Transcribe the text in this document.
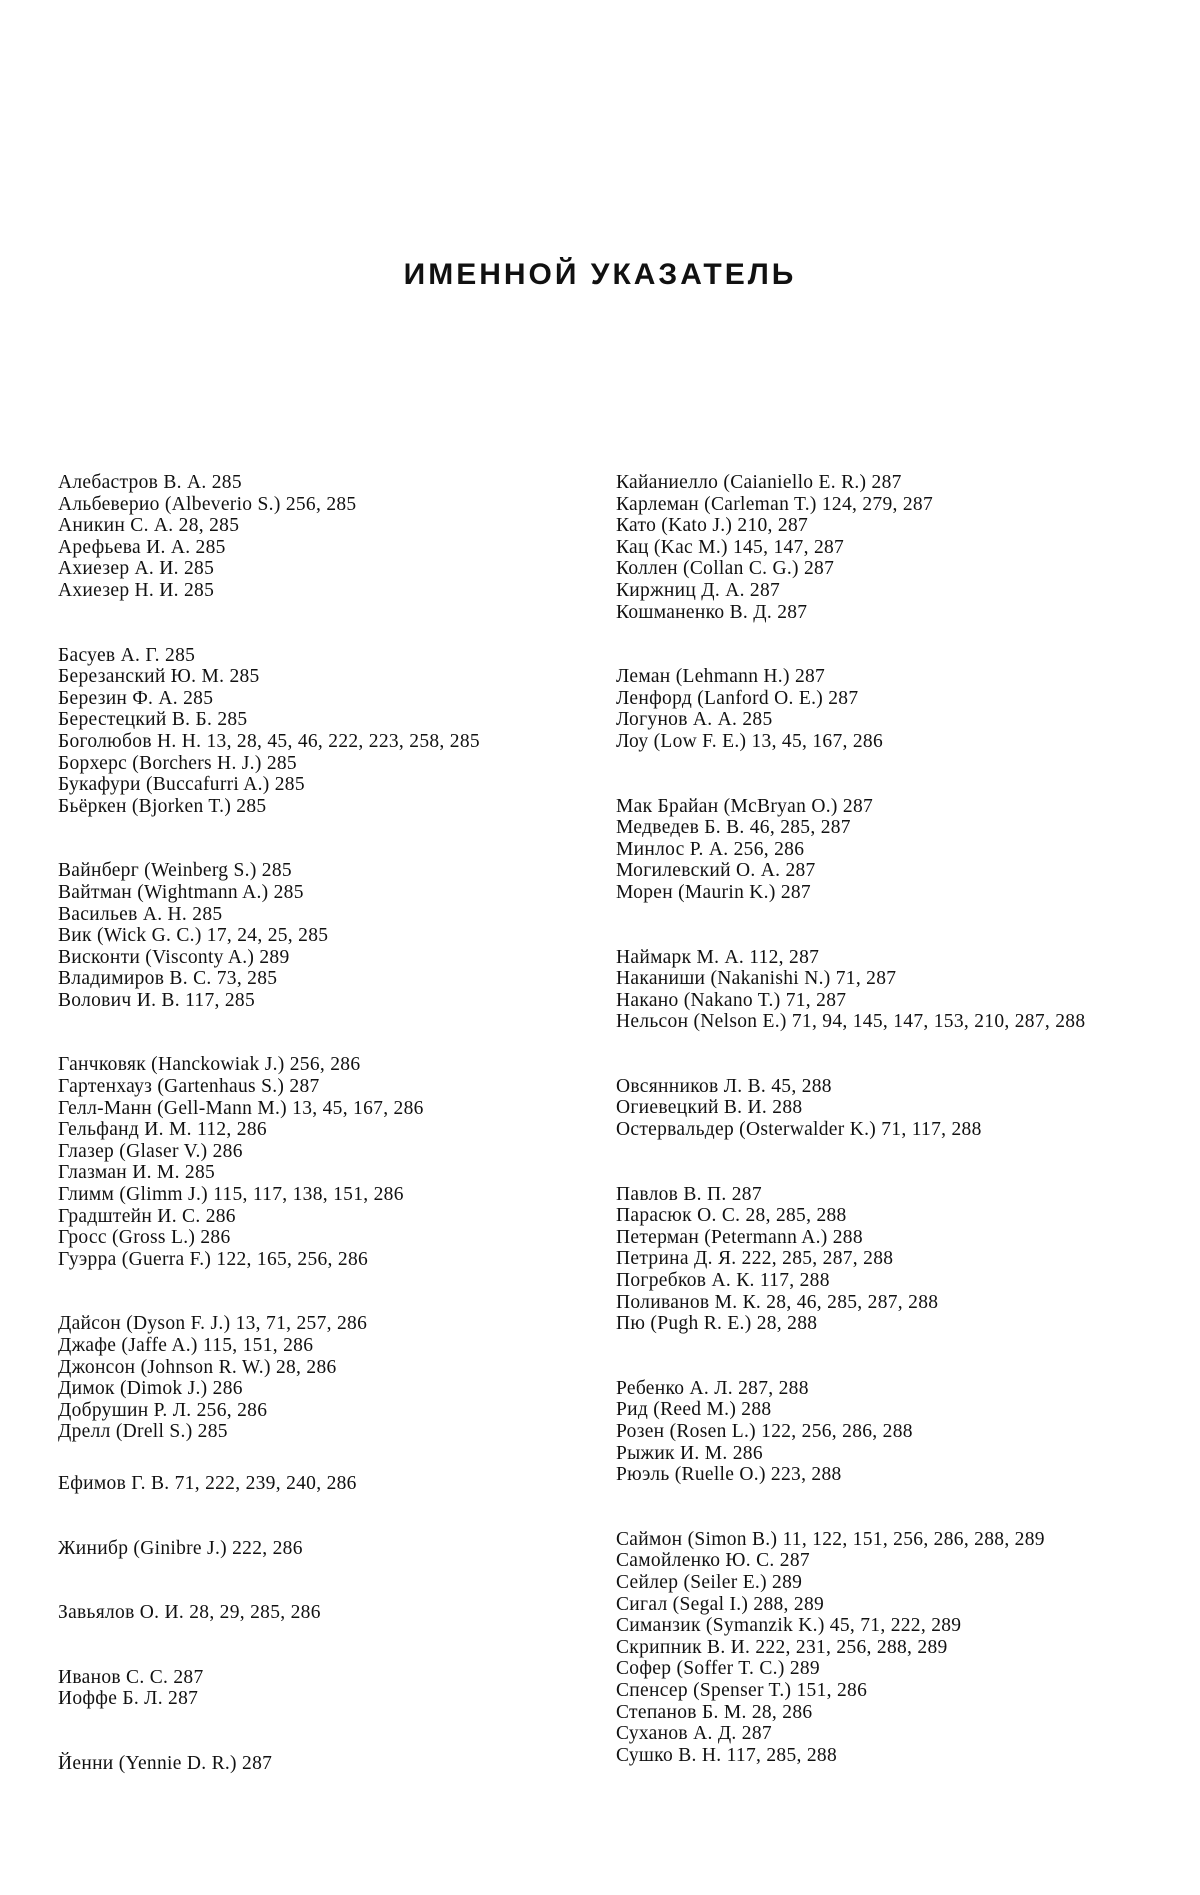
ИМЕННОЙ УКАЗАТЕЛЬ
Алебастров В. А. 285
Альбеверио (Albeverio S.) 256, 285
Аникин С. А. 28, 285
Арефьева И. А. 285
Ахиезер А. И. 285
Ахиезер Н. И. 285
Басуев А. Г. 285
Березанский Ю. М. 285
Березин Ф. А. 285
Берестецкий В. Б. 285
Боголюбов Н. Н. 13, 28, 45, 46, 222, 223, 258, 285
Борхерс (Borchers H. J.) 285
Букафури (Buccafurri A.) 285
Бьёркен (Bjorken T.) 285
Вайнберг (Weinberg S.) 285
Вайтман (Wightmann A.) 285
Васильев А. Н. 285
Вик (Wick G. C.) 17, 24, 25, 285
Висконти (Visconty A.) 289
Владимиров В. С. 73, 285
Волович И. В. 117, 285
Ганчковяк (Hanckowiak J.) 256, 286
Гартенхауз (Gartenhaus S.) 287
Гелл-Манн (Gell-Mann M.) 13, 45, 167, 286
Гельфанд И. М. 112, 286
Глазер (Glaser V.) 286
Глазман И. М. 285
Глимм (Glimm J.) 115, 117, 138, 151, 286
Градштейн И. С. 286
Гросс (Gross L.) 286
Гуэрра (Guerra F.) 122, 165, 256, 286
Дайсон (Dyson F. J.) 13, 71, 257, 286
Джафе (Jaffe A.) 115, 151, 286
Джонсон (Johnson R. W.) 28, 286
Димок (Dimok J.) 286
Добрушин Р. Л. 256, 286
Дрелл (Drell S.) 285
Ефимов Г. В. 71, 222, 239, 240, 286
Жинибр (Ginibre J.) 222, 286
Завьялов О. И. 28, 29, 285, 286
Иванов С. С. 287
Иоффе Б. Л. 287
Йенни (Yennie D. R.) 287
Кайаниелло (Caianiello E. R.) 287
Карлеман (Carleman T.) 124, 279, 287
Като (Kato J.) 210, 287
Кац (Kac M.) 145, 147, 287
Коллен (Collan C. G.) 287
Киржниц Д. А. 287
Кошманенко В. Д. 287
Леман (Lehmann H.) 287
Ленфорд (Lanford O. E.) 287
Логунов А. А. 285
Лоу (Low F. E.) 13, 45, 167, 286
Мак Брайан (McBryan O.) 287
Медведев Б. В. 46, 285, 287
Минлос Р. А. 256, 286
Могилевский О. А. 287
Морен (Maurin K.) 287
Наймарк М. А. 112, 287
Наканиши (Nakanishi N.) 71, 287
Накано (Nakano T.) 71, 287
Нельсон (Nelson E.) 71, 94, 145, 147, 153, 210, 287, 288
Овсянников Л. В. 45, 288
Огиевецкий В. И. 288
Остервальдер (Osterwalder K.) 71, 117, 288
Павлов В. П. 287
Парасюк О. С. 28, 285, 288
Петерман (Petermann A.) 288
Петрина Д. Я. 222, 285, 287, 288
Погребков А. К. 117, 288
Поливанов М. К. 28, 46, 285, 287, 288
Пю (Pugh R. E.) 28, 288
Ребенко А. Л. 287, 288
Рид (Reed M.) 288
Розен (Rosen L.) 122, 256, 286, 288
Рыжик И. М. 286
Рюэль (Ruelle O.) 223, 288
Саймон (Simon B.) 11, 122, 151, 256, 286, 288, 289
Самойленко Ю. С. 287
Сейлер (Seiler E.) 289
Сигал (Segal I.) 288, 289
Симанзик (Symanzik K.) 45, 71, 222, 289
Скрипник В. И. 222, 231, 256, 288, 289
Софер (Soffer T. C.) 289
Спенсер (Spenser T.) 151, 286
Степанов Б. М. 28, 286
Суханов А. Д. 287
Сушко В. Н. 117, 285, 288
